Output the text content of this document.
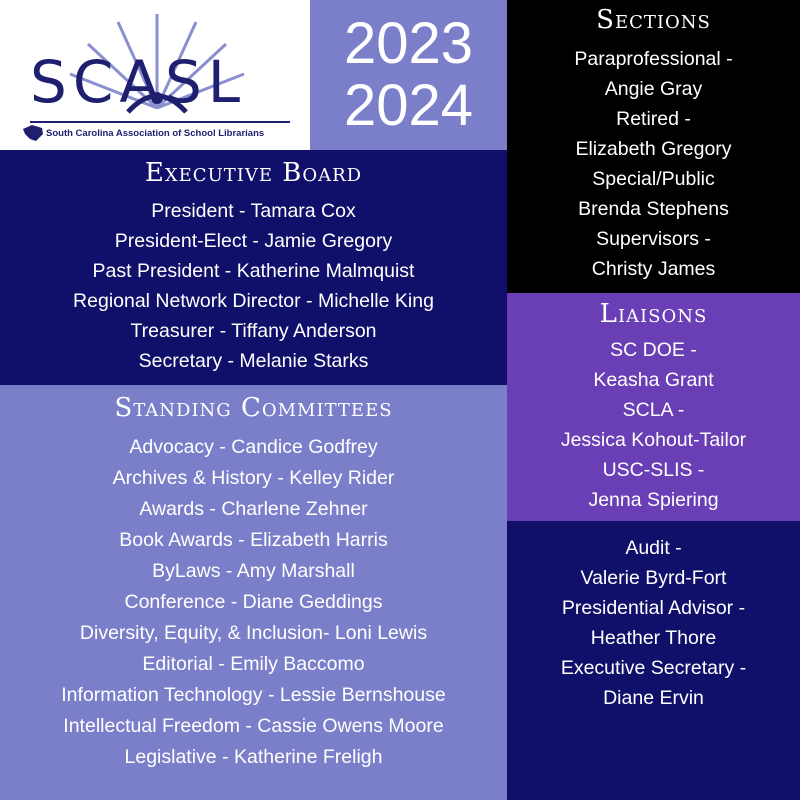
SCASL
South Carolina Association of School Librarians
2023
2024
Executive Board
President - Tamara Cox
President-Elect - Jamie Gregory
Past President - Katherine Malmquist
Regional Network Director - Michelle King
Treasurer - Tiffany Anderson
Secretary - Melanie Starks
Standing Committees
Advocacy - Candice Godfrey
Archives & History - Kelley Rider
Awards - Charlene Zehner
Book Awards - Elizabeth Harris
ByLaws - Amy Marshall
Conference - Diane Geddings
Diversity, Equity, & Inclusion- Loni Lewis
Editorial - Emily Baccomo
Information Technology - Lessie Bernshouse
Intellectual Freedom - Cassie Owens Moore
Legislative - Katherine Freligh
Sections
Paraprofessional -
Angie Gray
Retired -
Elizabeth Gregory
Special/Public
Brenda Stephens
Supervisors -
Christy James
Liaisons
SC DOE -
Keasha Grant
SCLA -
Jessica Kohout-Tailor
USC-SLIS -
Jenna Spiering
Audit -
Valerie Byrd-Fort
Presidential Advisor -
Heather Thore
Executive Secretary -
Diane Ervin
